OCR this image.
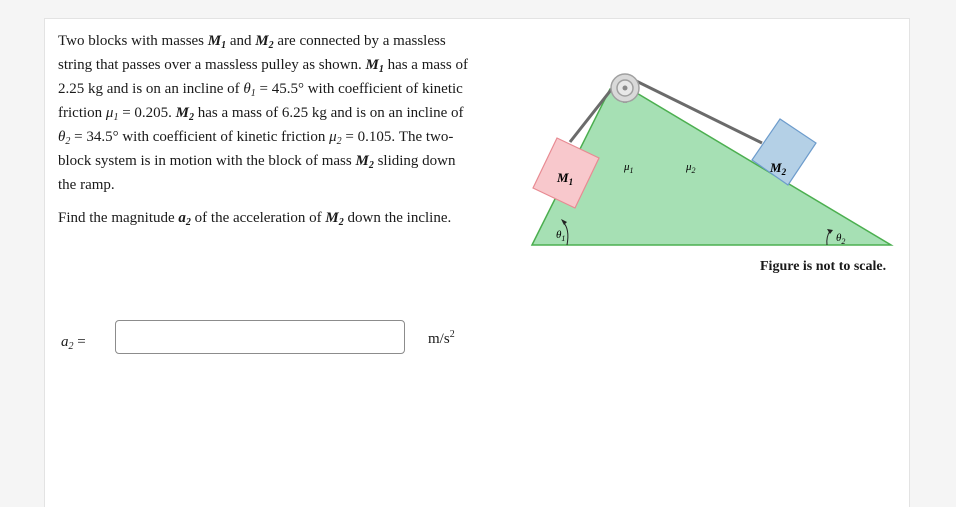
Two blocks with masses $M_1$ and $M_2$ are connected by a massless string that passes over a massless pulley as shown. $M_1$ has a mass of 2.25 kg and is on an incline of $\theta_1 = 45.5^\circ$ with coefficient of kinetic friction $\mu_1 = 0.205$. $M_2$ has a mass of 6.25 kg and is on an incline of $\theta_2 = 34.5^\circ$ with coefficient of kinetic friction $\mu_2 = 0.105$. The two-block system is in motion with the block of mass $M_2$ sliding down the ramp.

Find the magnitude $a_2$ of the acceleration of $M_2$ down the incline.

$M_1$
$M_2$
$\mu_1$	$\mu_2$
$\theta_1$	$\theta_2$
Figure is not to scale.
$a_2$ =	$m/s^2$
